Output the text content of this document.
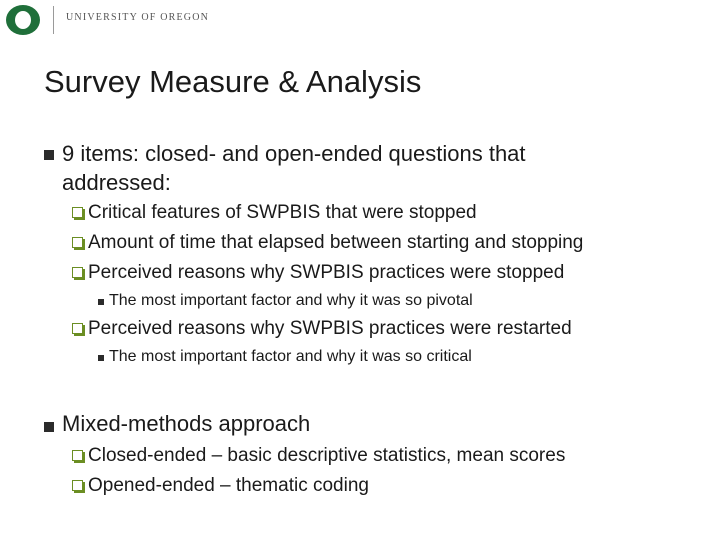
UNIVERSITY OF OREGON
Survey Measure & Analysis
9 items: closed- and open-ended questions that
addressed:
Critical features of SWPBIS that were stopped
Amount of time that elapsed between starting and stopping
Perceived reasons why SWPBIS practices were stopped
The most important factor and why it was so pivotal
Perceived reasons why SWPBIS practices were restarted
The most important factor and why it was so critical
Mixed-methods approach
Closed-ended – basic descriptive statistics, mean scores
Opened-ended – thematic coding
